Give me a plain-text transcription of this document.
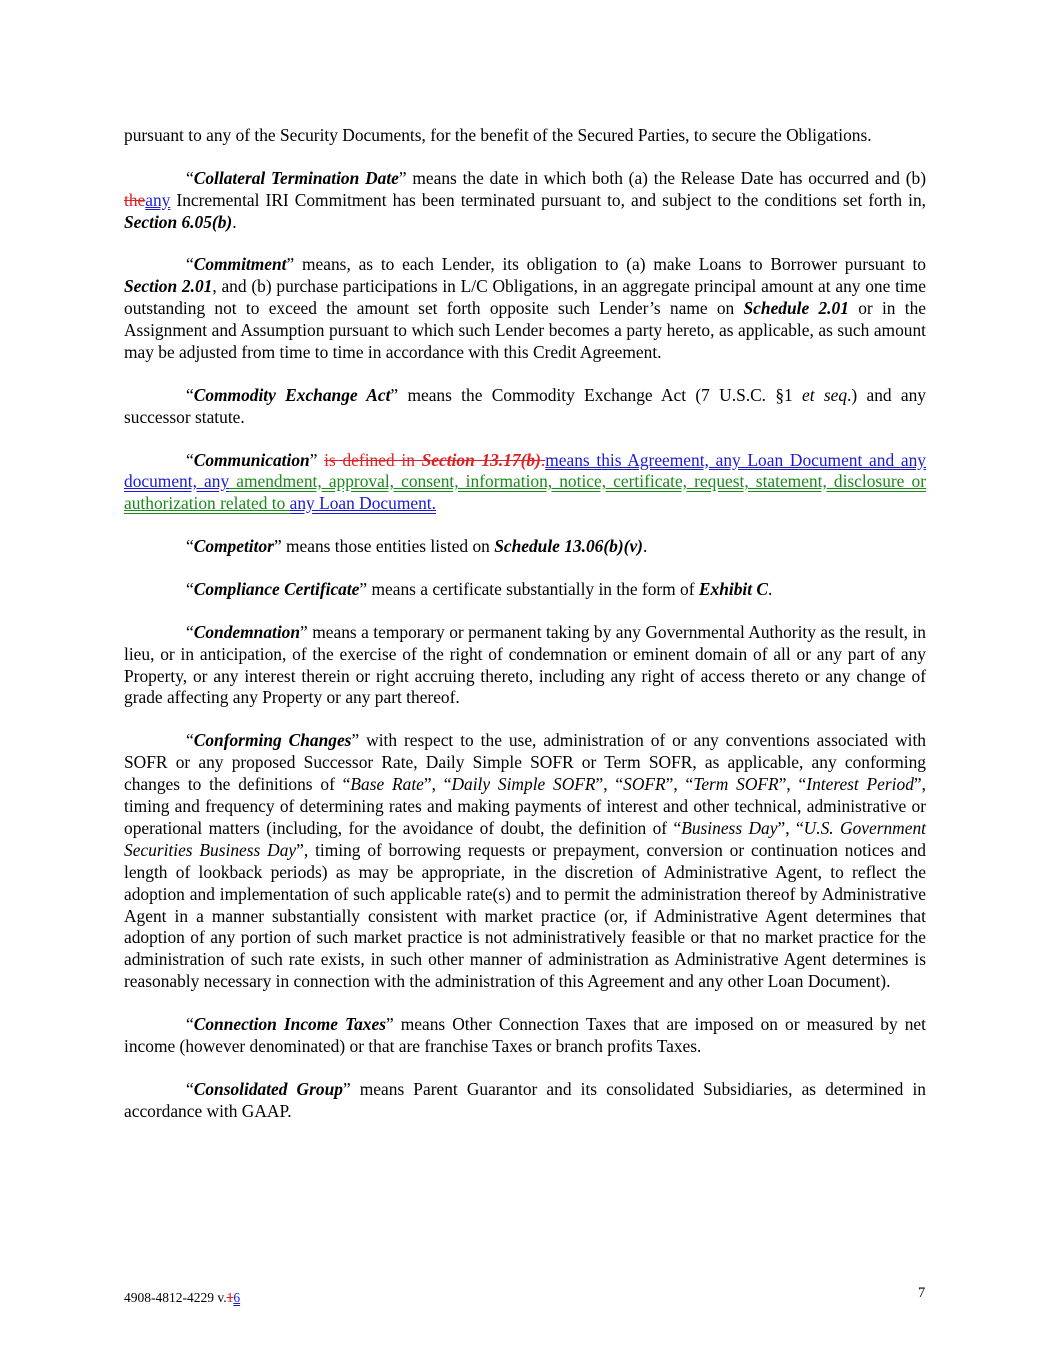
pursuant to any of the Security Documents, for the benefit of the Secured Parties, to secure the Obligations.

“Collateral Termination Date” means the date in which both (a) the Release Date has occurred and (b) theany Incremental IRI Commitment has been terminated pursuant to, and subject to the conditions set forth in, Section 6.05(b).

“Commitment” means, as to each Lender, its obligation to (a) make Loans to Borrower pursuant to Section 2.01, and (b) purchase participations in L/C Obligations, in an aggregate principal amount at any one time outstanding not to exceed the amount set forth opposite such Lender’s name on Schedule 2.01 or in the Assignment and Assumption pursuant to which such Lender becomes a party hereto, as applicable, as such amount may be adjusted from time to time in accordance with this Credit Agreement.

“Commodity Exchange Act” means the Commodity Exchange Act (7 U.S.C. §1 et seq.) and any successor statute.

“Communication” is defined in Section 13.17(b).means this Agreement, any Loan Document and any document, any amendment, approval, consent, information, notice, certificate, request, statement, disclosure or authorization related to any Loan Document.

“Competitor” means those entities listed on Schedule 13.06(b)(v).

“Compliance Certificate” means a certificate substantially in the form of Exhibit C.

“Condemnation” means a temporary or permanent taking by any Governmental Authority as the result, in lieu, or in anticipation, of the exercise of the right of condemnation or eminent domain of all or any part of any Property, or any interest therein or right accruing thereto, including any right of access thereto or any change of grade affecting any Property or any part thereof.

“Conforming Changes” with respect to the use, administration of or any conventions associated with SOFR or any proposed Successor Rate, Daily Simple SOFR or Term SOFR, as applicable, any conforming changes to the definitions of “Base Rate”, “Daily Simple SOFR”, “SOFR”, “Term SOFR”, “Interest Period”, timing and frequency of determining rates and making payments of interest and other technical, administrative or operational matters (including, for the avoidance of doubt, the definition of “Business Day”, “U.S. Government Securities Business Day”, timing of borrowing requests or prepayment, conversion or continuation notices and length of lookback periods) as may be appropriate, in the discretion of Administrative Agent, to reflect the adoption and implementation of such applicable rate(s) and to permit the administration thereof by Administrative Agent in a manner substantially consistent with market practice (or, if Administrative Agent determines that adoption of any portion of such market practice is not administratively feasible or that no market practice for the administration of such rate exists, in such other manner of administration as Administrative Agent determines is reasonably necessary in connection with the administration of this Agreement and any other Loan Document).

“Connection Income Taxes” means Other Connection Taxes that are imposed on or measured by net income (however denominated) or that are franchise Taxes or branch profits Taxes.

“Consolidated Group” means Parent Guarantor and its consolidated Subsidiaries, as determined in accordance with GAAP.

4908-4812-4229 v.16	7
